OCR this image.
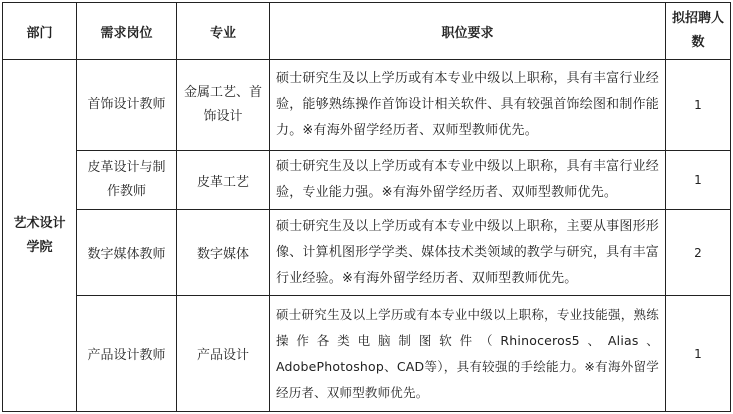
部门	需求岗位	专业	职位要求	拟招聘人数
艺术设计学院	首饰设计教师	金属工艺、首饰设计	硕士研究生及以上学历或有本专业中级以上职称，具有丰富行业经验，能够熟练操作首饰设计相关软件、具有较强首饰绘图和制作能力。※有海外留学经历者、双师型教师优先。	1
	皮革设计与制作教师	皮革工艺	硕士研究生及以上学历或有本专业中级以上职称，具有丰富行业经验，专业能力强。※有海外留学经历者、双师型教师优先。	1
	数字媒体教师	数字媒体	硕士研究生及以上学历或有本专业中级以上职称，主要从事图形形像、计算机图形学学类、媒体技术类领域的教学与研究，具有丰富行业经验。※有海外留学经历者、双师型教师优先。	2
	产品设计教师	产品设计	硕士研究生及以上学历或有本专业中级以上职称，专业技能强，熟练操作各类电脑制图软件（Rhinoceros5、Alias、AdobePhotoshop、CAD等），具有较强的手绘能力。※有海外留学经历者、双师型教师优先。	1
